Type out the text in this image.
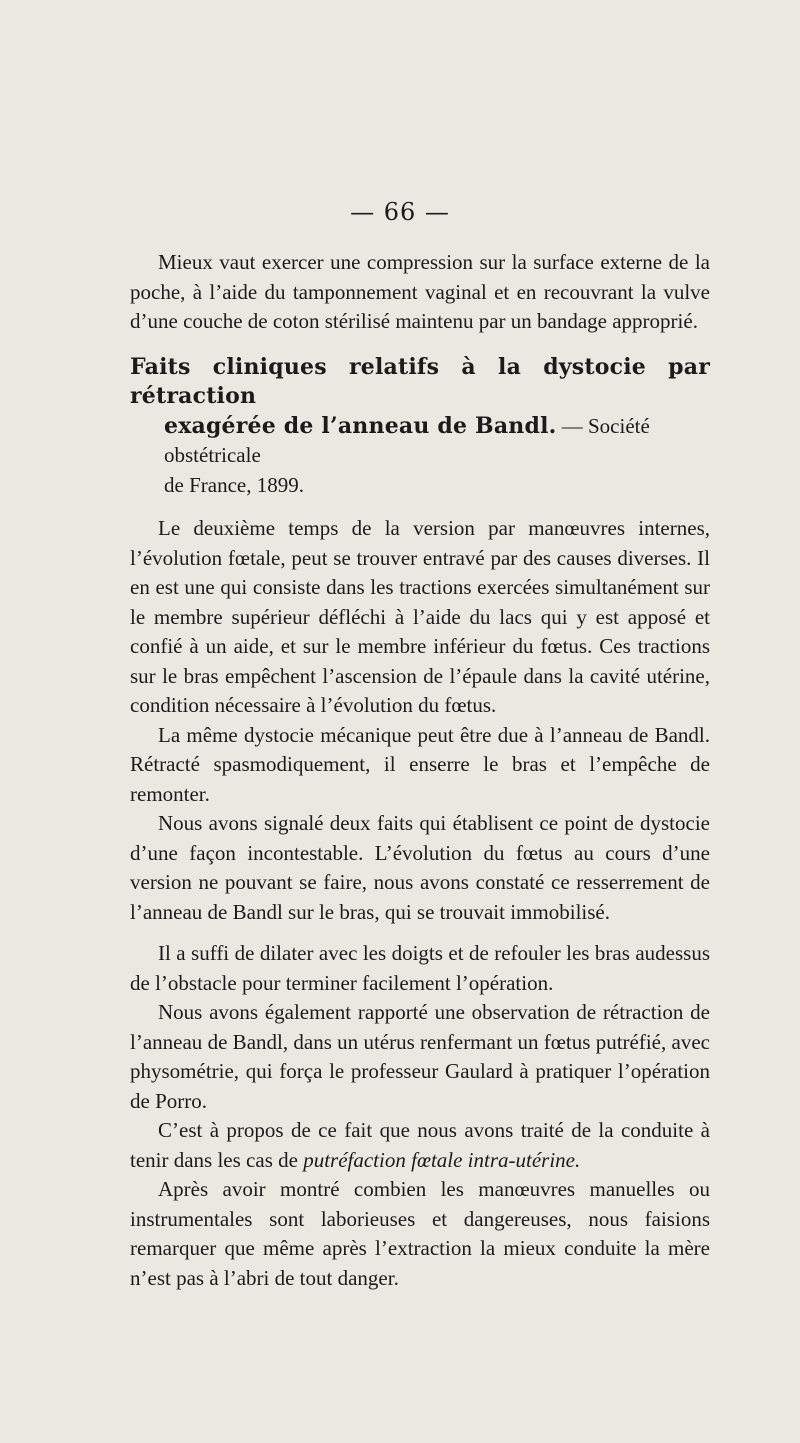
— 66 —

Mieux vaut exercer une compression sur la surface externe de la poche, à l’aide du tamponnement vaginal et en recouvrant la vulve d’une couche de coton stérilisé maintenu par un bandage approprié.

Faits cliniques relatifs à la dystocie par rétraction
exagérée de l’anneau de Bandl. — Société obstétricale
de France, 1899.

Le deuxième temps de la version par manœuvres internes, l’évolution fœtale, peut se trouver entravé par des causes diverses. Il en est une qui consiste dans les tractions exercées simultanément sur le membre supérieur défléchi à l’aide du lacs qui y est apposé et confié à un aide, et sur le membre inférieur du fœtus. Ces tractions sur le bras empêchent l’ascension de l’épaule dans la cavité utérine, condition nécessaire à l’évolution du fœtus.

La même dystocie mécanique peut être due à l’anneau de Bandl. Rétracté spasmodiquement, il enserre le bras et l’empêche de remonter.

Nous avons signalé deux faits qui établisent ce point de dystocie d’une façon incontestable. L’évolution du fœtus au cours d’une version ne pouvant se faire, nous avons constaté ce resserrement de l’anneau de Bandl sur le bras, qui se trouvait immobilisé.

Il a suffi de dilater avec les doigts et de refouler les bras audessus de l’obstacle pour terminer facilement l’opération.

Nous avons également rapporté une observation de rétraction de l’anneau de Bandl, dans un utérus renfermant un fœtus putréfié, avec physométrie, qui força le professeur Gaulard à pratiquer l’opération de Porro.

C’est à propos de ce fait que nous avons traité de la conduite à tenir dans les cas de putréfaction fœtale intra-utérine.

Après avoir montré combien les manœuvres manuelles ou instrumentales sont laborieuses et dangereuses, nous faisions remarquer que même après l’extraction la mieux conduite la mère n’est pas à l’abri de tout danger.
